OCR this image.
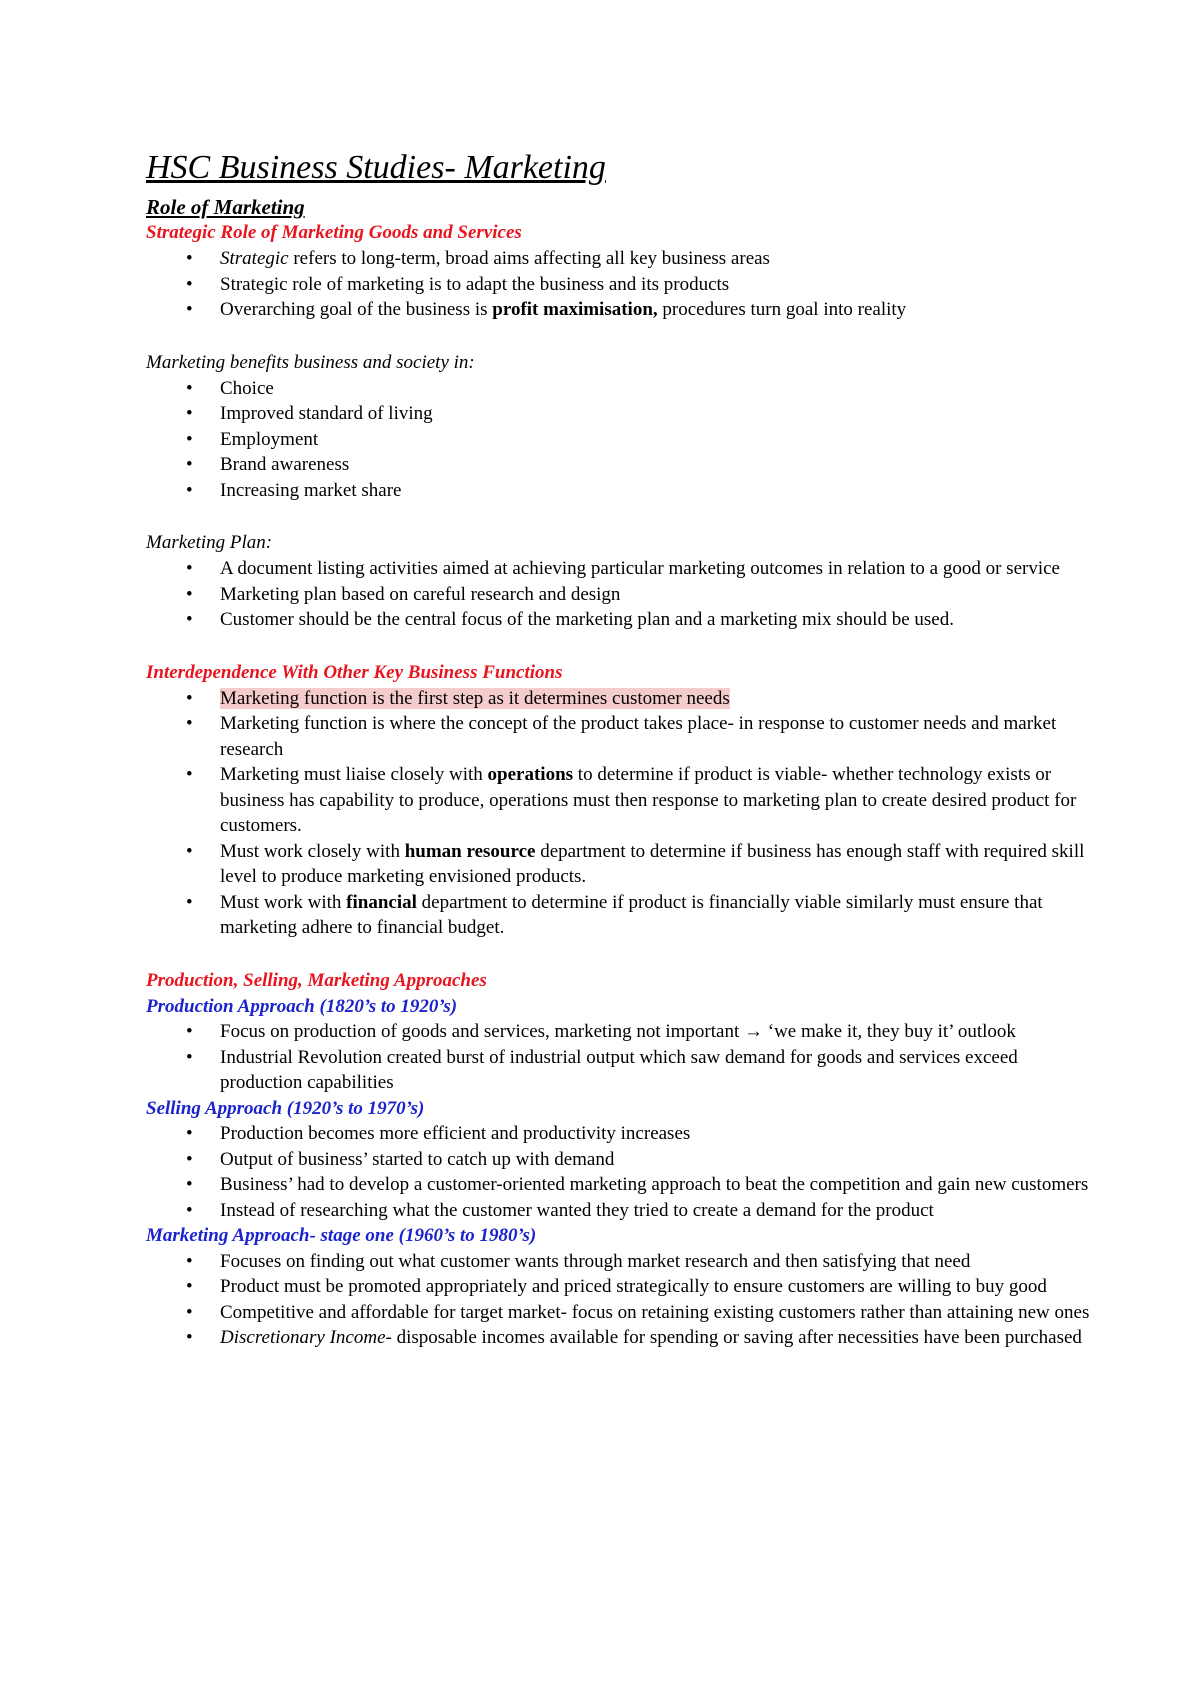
HSC Business Studies- Marketing
Role of Marketing
Strategic Role of Marketing Goods and Services
• Strategic refers to long-term, broad aims affecting all key business areas
• Strategic role of marketing is to adapt the business and its products
• Overarching goal of the business is profit maximisation, procedures turn goal into reality
Marketing benefits business and society in:
• Choice
• Improved standard of living
• Employment
• Brand awareness
• Increasing market share
Marketing Plan:
• A document listing activities aimed at achieving particular marketing outcomes in relation to a good or service
• Marketing plan based on careful research and design
• Customer should be the central focus of the marketing plan and a marketing mix should be used.
Interdependence With Other Key Business Functions
• Marketing function is the first step as it determines customer needs
• Marketing function is where the concept of the product takes place- in response to customer needs and market research
• Marketing must liaise closely with operations to determine if product is viable- whether technology exists or business has capability to produce, operations must then response to marketing plan to create desired product for customers.
• Must work closely with human resource department to determine if business has enough staff with required skill level to produce marketing envisioned products.
• Must work with financial department to determine if product is financially viable similarly must ensure that marketing adhere to financial budget.
Production, Selling, Marketing Approaches
Production Approach (1820’s to 1920’s)
• Focus on production of goods and services, marketing not important → ‘we make it, they buy it’ outlook
• Industrial Revolution created burst of industrial output which saw demand for goods and services exceed production capabilities
Selling Approach (1920’s to 1970’s)
• Production becomes more efficient and productivity increases
• Output of business’ started to catch up with demand
• Business’ had to develop a customer-oriented marketing approach to beat the competition and gain new customers
• Instead of researching what the customer wanted they tried to create a demand for the product
Marketing Approach- stage one (1960’s to 1980’s)
• Focuses on finding out what customer wants through market research and then satisfying that need
• Product must be promoted appropriately and priced strategically to ensure customers are willing to buy good
• Competitive and affordable for target market- focus on retaining existing customers rather than attaining new ones
• Discretionary Income- disposable incomes available for spending or saving after necessities have been purchased
